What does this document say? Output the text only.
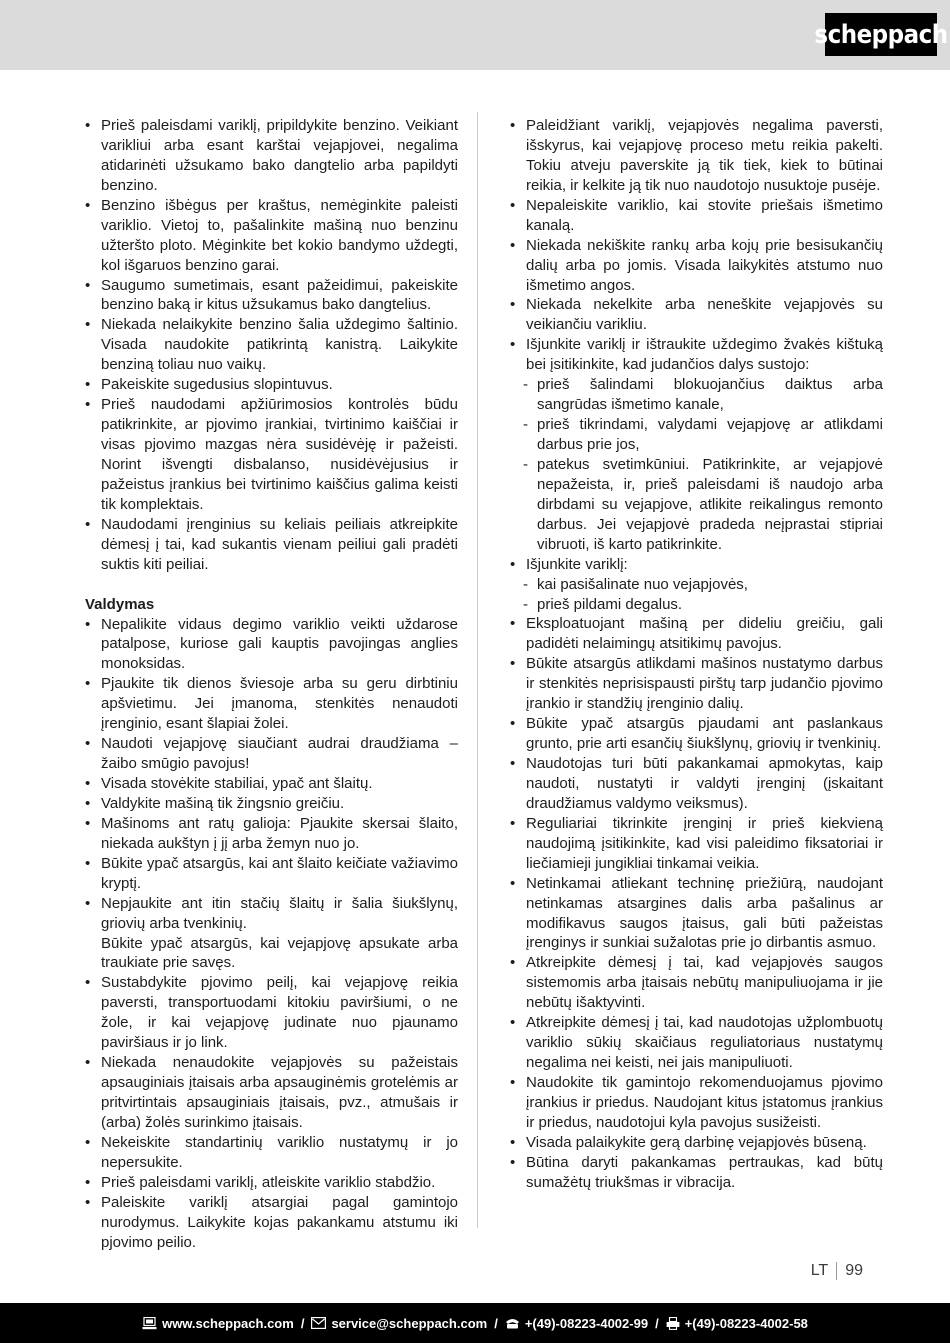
scheppach
• Prieš paleisdami variklį, pripildykite benzino. Veikiant varikliui arba esant karštai vejapjovei, negalima atidarinėti užsukamo bako dangtelio arba papildyti benzino.
• Benzino išbėgus per kraštus, nemėginkite paleisti variklio. Vietoj to, pašalinkite mašiną nuo benzinu užteršto ploto. Mėginkite bet kokio bandymo uždegti, kol išgaruos benzino garai.
• Saugumo sumetimais, esant pažeidimui, pakeiskite benzino baką ir kitus užsukamus bako dangtelius.
• Niekada nelaikykite benzino šalia uždegimo šaltinio. Visada naudokite patikrintą kanistrą. Laikykite benziną toliau nuo vaikų.
• Pakeiskite sugedusius slopintuvus.
• Prieš naudodami apžiūrimosios kontrolės būdu patikrinkite, ar pjovimo įrankiai, tvirtinimo kaiščiai ir visas pjovimo mazgas nėra susidėvėję ir pažeisti. Norint išvengti disbalanso, nusidėvėjusius ir pažeistus įrankius bei tvirtinimo kaiščius galima keisti tik komplektais.
• Naudodami įrenginius su keliais peiliais atkreipkite dėmesį į tai, kad sukantis vienam peiliui gali pradėti suktis kiti peiliai.
Valdymas
• Nepalikite vidaus degimo variklio veikti uždarose patalpose, kuriose gali kauptis pavojingas anglies monoksidas.
• Pjaukite tik dienos šviesoje arba su geru dirbtiniu apšvietimu. Jei įmanoma, stenkitės nenaudoti įrenginio, esant šlapiai žolei.
• Naudoti vejapjovę siaučiant audrai draudžiama – žaibo smūgio pavojus!
• Visada stovėkite stabiliai, ypač ant šlaitų.
• Valdykite mašiną tik žingsnio greičiu.
• Mašinoms ant ratų galioja: Pjaukite skersai šlaito, niekada aukštyn į jį arba žemyn nuo jo.
• Būkite ypač atsargūs, kai ant šlaito keičiate važiavimo kryptį.
• Nepjaukite ant itin stačių šlaitų ir šalia šiukšlynų, griovių arba tvenkinių.
Būkite ypač atsargūs, kai vejapjovę apsukate arba traukiate prie savęs.
• Sustabdykite pjovimo peilį, kai vejapjovę reikia paversti, transportuodami kitokiu paviršiumi, o ne žole, ir kai vejapjovę judinate nuo pjaunamo paviršiaus ir jo link.
• Niekada nenaudokite vejapjovės su pažeistais apsauginiais įtaisais arba apsauginėmis grotelėmis ar pritvirtintais apsauginiais įtaisais, pvz., atmušais ir (arba) žolės surinkimo įtaisais.
• Nekeiskite standartinių variklio nustatymų ir jo nepersukite.
• Prieš paleisdami variklį, atleiskite variklio stabdžio.
• Paleiskite variklį atsargiai pagal gamintojo nurodymus. Laikykite kojas pakankamu atstumu iki pjovimo peilio.
• Paleidžiant variklį, vejapjovės negalima paversti, išskyrus, kai vejapjovę proceso metu reikia pakelti. Tokiu atveju paverskite ją tik tiek, kiek to būtinai reikia, ir kelkite ją tik nuo naudotojo nusuktoje pusėje.
• Nepaleiskite variklio, kai stovite priešais išmetimo kanalą.
• Niekada nekiškite rankų arba kojų prie besisukančių dalių arba po jomis. Visada laikykitės atstumo nuo išmetimo angos.
• Niekada nekelkite arba neneškite vejapjovės su veikiančiu varikliu.
• Išjunkite variklį ir ištraukite uždegimo žvakės kištuką bei įsitikinkite, kad judančios dalys sustojo:
- prieš šalindami blokuojančius daiktus arba sangrūdas išmetimo kanale,
- prieš tikrindami, valydami vejapjovę ar atlikdami darbus prie jos,
- patekus svetimkūniui. Patikrinkite, ar vejapjovė nepažeista, ir, prieš paleisdami iš naudojo arba dirbdami su vejapjove, atlikite reikalingus remonto darbus. Jei vejapjovė pradeda neįprastai stipriai vibruoti, iš karto patikrinkite.
• Išjunkite variklį:
- kai pasišalinate nuo vejapjovės,
- prieš pildami degalus.
• Eksploatuojant mašiną per dideliu greičiu, gali padidėti nelaimingų atsitikimų pavojus.
• Būkite atsargūs atlikdami mašinos nustatymo darbus ir stenkitės neprisispausti pirštų tarp judančio pjovimo įrankio ir standžių įrenginio dalių.
• Būkite ypač atsargūs pjaudami ant paslankaus grunto, prie arti esančių šiukšlynų, griovių ir tvenkinių.
• Naudotojas turi būti pakankamai apmokytas, kaip naudoti, nustatyti ir valdyti įrenginį (įskaitant draudžiamus valdymo veiksmus).
• Reguliariai tikrinkite įrenginį ir prieš kiekvieną naudojimą įsitikinkite, kad visi paleidimo fiksatoriai ir liečiamieji jungikliai tinkamai veikia.
• Netinkamai atliekant techninę priežiūrą, naudojant netinkamas atsargines dalis arba pašalinus ar modifikavus saugos įtaisus, gali būti pažeistas įrenginys ir sunkiai sužalotas prie jo dirbantis asmuo.
• Atkreipkite dėmesį į tai, kad vejapjovės saugos sistemomis arba įtaisais nebūtų manipuliuojama ir jie nebūtų išaktyvinti.
• Atkreipkite dėmesį į tai, kad naudotojas užplombuotų variklio sūkių skaičiaus reguliatoriaus nustatymų negalima nei keisti, nei jais manipuliuoti.
• Naudokite tik gamintojo rekomenduojamus pjovimo įrankius ir priedus. Naudojant kitus įstatomus įrankius ir priedus, naudotojui kyla pavojus susižeisti.
• Visada palaikykite gerą darbinę vejapjovės būseną.
• Būtina daryti pakankamas pertraukas, kad būtų sumažėtų triukšmas ir vibracija.
LT 99
www.scheppach.com /	service@scheppach.com /	+(49)-08223-4002-99 /	+(49)-08223-4002-58
